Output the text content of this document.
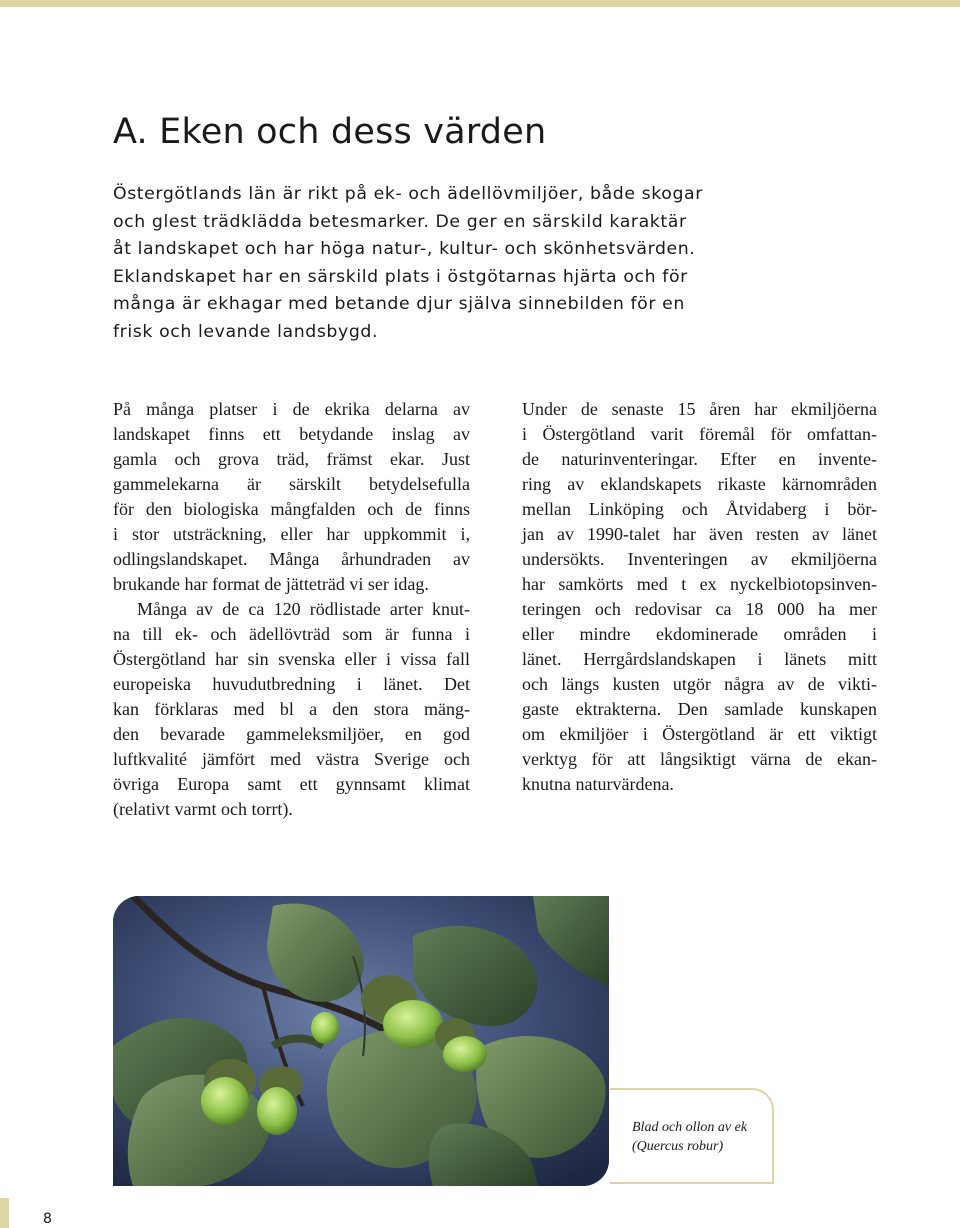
A. Eken och dess värden
Östergötlands län är rikt på ek- och ädellövmiljöer, både skogar
och glest trädklädda betesmarker. De ger en särskild karaktär
åt landskapet och har höga natur-, kultur- och skönhetsvärden.
Eklandskapet har en särskild plats i östgötarnas hjärta och för
många är ekhagar med betande djur själva sinnebilden för en
frisk och levande landsbygd.

På många platser i de ekrika delarna av
landskapet finns ett betydande inslag av
gamla och grova träd, främst ekar. Just
gammelekarna är särskilt betydelsefulla
för den biologiska mångfalden och de finns
i stor utsträckning, eller har uppkommit i,
odlingslandskapet. Många århundraden av
brukande har format de jätteträd vi ser idag.

Många av de ca 120 rödlistade arter knut-
na till ek- och ädellövträd som är funna i
Östergötland har sin svenska eller i vissa fall
europeiska huvudutbredning i länet. Det
kan förklaras med bl a den stora mäng-
den bevarade gammeleksmiljöer, en god
luftkvalité jämfört med västra Sverige och
övriga Europa samt ett gynnsamt klimat
(relativt varmt och torrt).

Under de senaste 15 åren har ekmiljöerna
i Östergötland varit föremål för omfattan-
de naturinventeringar. Efter en invente-
ring av eklandskapets rikaste kärnområden
mellan Linköping och Åtvidaberg i bör-
jan av 1990-talet har även resten av länet
undersökts. Inventeringen av ekmiljöerna
har samkörts med t ex nyckelbiotopsinven-
teringen och redovisar ca 18 000 ha mer
eller mindre ekdominerade områden i
länet. Herrgårdslandskapen i länets mitt
och längs kusten utgör några av de vikti-
gaste ektrakterna. Den samlade kunskapen
om ekmiljöer i Östergötland är ett viktigt
verktyg för att långsiktigt värna de ekan-
knutna naturvärdena.

Blad och ollon av ek
(Quercus robur)

8
